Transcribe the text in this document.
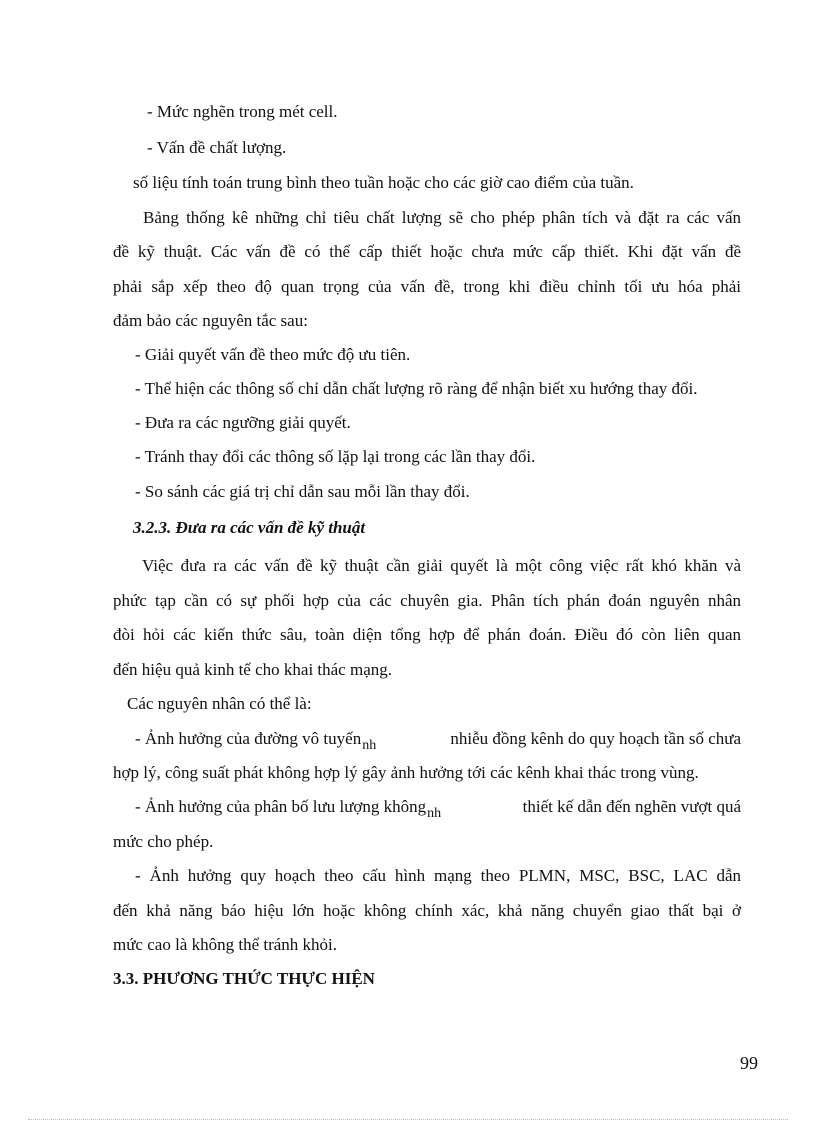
- Mức nghẽn trong mét cell.
- Vấn đề chất lượng.
số liệu tính toán trung bình theo tuần hoặc cho các giờ cao điểm của tuần.
Bảng thống kê những chỉ tiêu chất lượng sẽ cho phép phân tích và đặt ra các vấn
đề kỹ thuật. Các vấn đề có thể cấp thiết hoặc chưa mức cấp thiết. Khi đặt vấn đề
phải sắp xếp theo độ quan trọng của vấn đề, trong khi điều chỉnh tối ưu hóa phải
đảm bảo các nguyên tắc sau:
- Giải quyết vấn đề theo mức độ ưu tiên.
- Thể hiện các thông số chỉ dẫn chất lượng rõ ràng để nhận biết xu hướng thay đổi.
- Đưa ra các ngưỡng giải quyết.
- Tránh thay đổi các thông số lặp lại trong các lần thay đổi.
- So sánh các giá trị chỉ dẫn sau mỗi lần thay đổi.
3.2.3. Đưa ra các vấn đề kỹ thuật
Việc đưa ra các vấn đề kỹ thuật cần giải quyết là một công việc rất khó khăn và
phức tạp cần có sự phối hợp của các chuyên gia. Phân tích phán đoán nguyên nhân
đòi hỏi các kiến thức sâu, toàn diện tổng hợp để phán đoán. Điều đó còn liên quan
đến hiệu quả kinh tế cho khai thác mạng.
Các nguyên nhân có thể là:
- Ảnh hưởng của đường vô tuyến$_{nh}$	nhiễu đồng kênh do quy hoạch tần số chưa
hợp lý, công suất phát không hợp lý gây ảnh hưởng tới các kênh khai thác trong vùng.
- Ảnh hưởng của phân bố lưu lượng không$_{nh}$	thiết kế dẫn đến nghẽn vượt quá
mức cho phép.
- Ảnh hưởng quy hoạch theo cấu hình mạng theo PLMN, MSC, BSC, LAC dẫn
đến khả năng báo hiệu lớn hoặc không chính xác, khả năng chuyển giao thất bại ở
mức cao là không thể tránh khỏi.
3.3. PHƯƠNG THỨC THỰC HIỆN
99
